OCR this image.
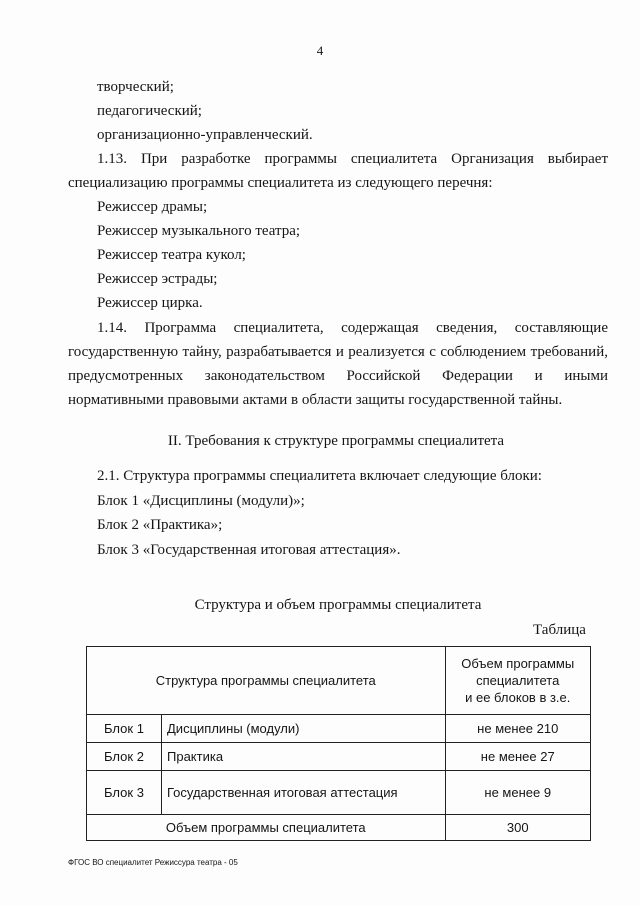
4
творческий;
педагогический;
организационно-управленческий.
1.13. При разработке программы специалитета Организация выбирает
специализацию программы специалитета из следующего перечня:
Режиссер драмы;
Режиссер музыкального театра;
Режиссер театра кукол;
Режиссер эстрады;
Режиссер цирка.
1.14. Программа специалитета, содержащая сведения, составляющие
государственную тайну, разрабатывается и реализуется с соблюдением требований,
предусмотренных законодательством Российской Федерации и иными
нормативными правовыми актами в области защиты государственной тайны.
II. Требования к структуре программы специалитета
2.1. Структура программы специалитета включает следующие блоки:
Блок 1 «Дисциплины (модули)»;
Блок 2 «Практика»;
Блок 3 «Государственная итоговая аттестация».
Структура и объем программы специалитета
Таблица
Структура программы специалитета		Объем программы
специалитета
и ее блоков в з.е.

Блок 1	Дисциплины (модули)	не менее 210
Блок 2	Практика	не менее 27
Блок 3	Государственная итоговая аттестация	не менее 9
Объем программы специалитета		300
ФГОС ВО специалитет Режиссура театра - 05
